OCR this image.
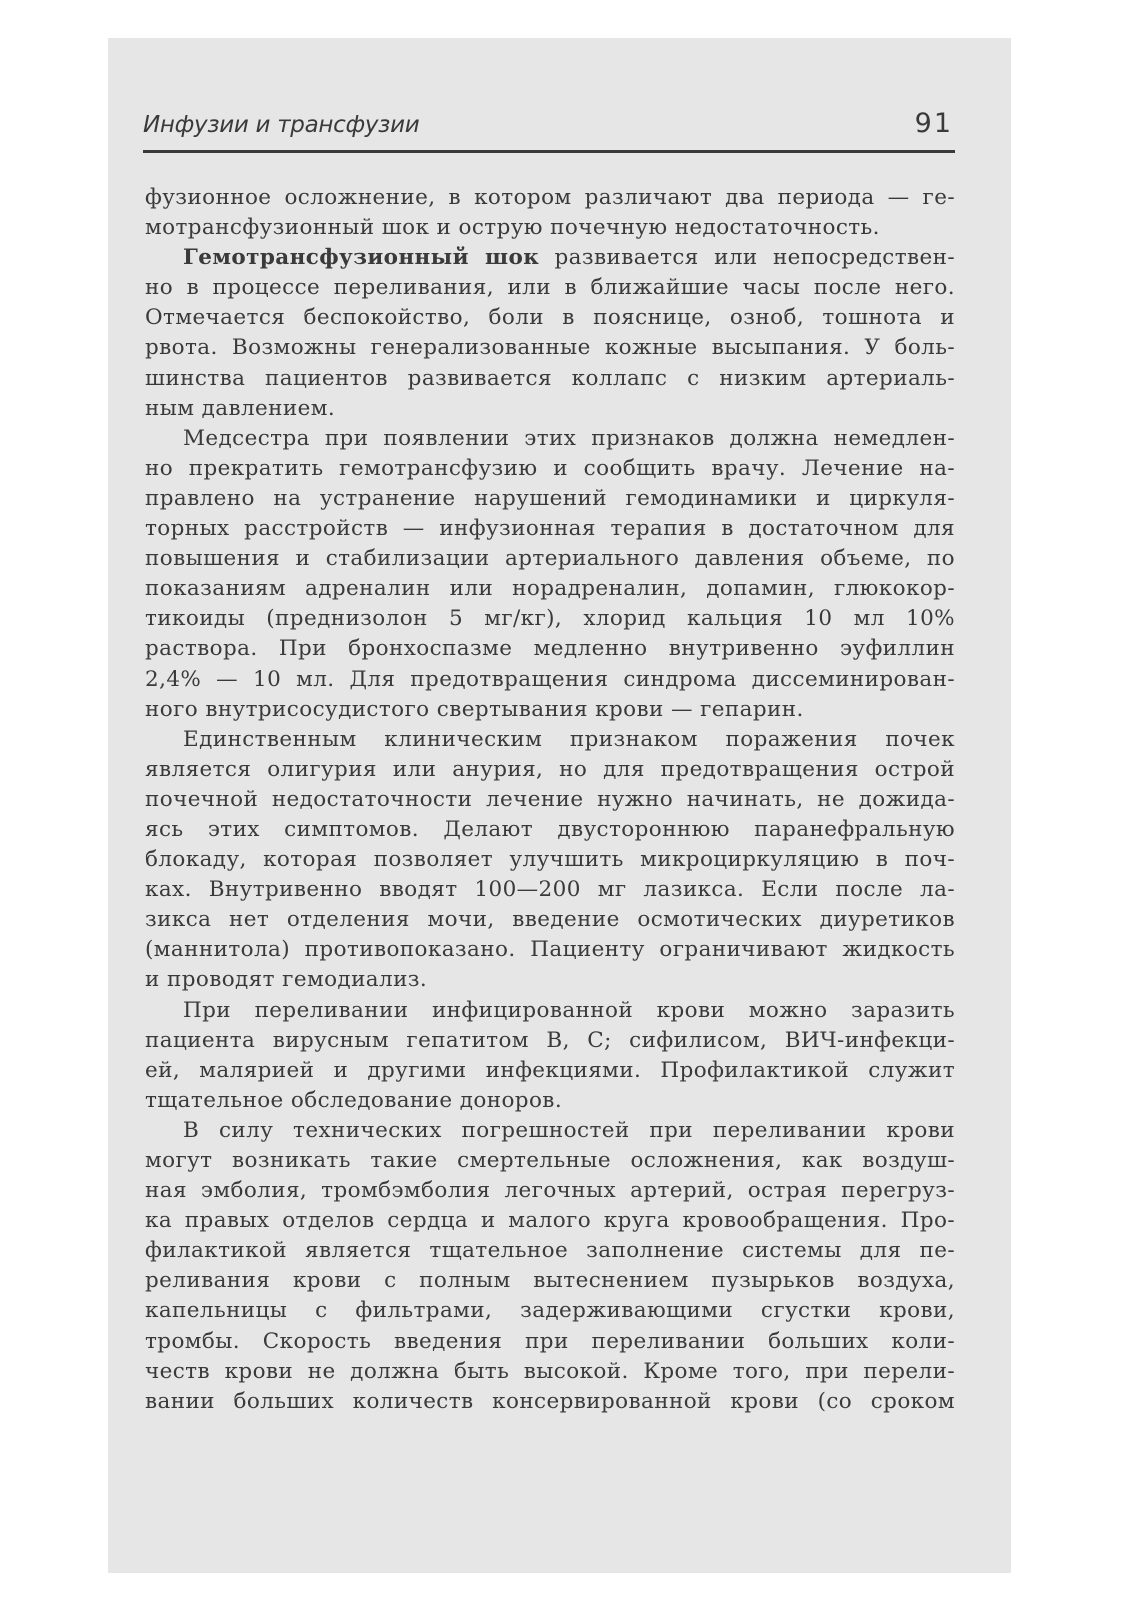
Инфузии и трансфузии	91
фузионное осложнение, в котором различают два периода — ге-
мотрансфузионный шок и острую почечную недостаточность.
Гемотрансфузионный шок развивается или непосредствен-
но в процессе переливания, или в ближайшие часы после него.
Отмечается беспокойство, боли в пояснице, озноб, тошнота и
рвота. Возможны генерализованные кожные высыпания. У боль-
шинства пациентов развивается коллапс с низким артериаль-
ным давлением.
Медсестра при появлении этих признаков должна немедлен-
но прекратить гемотрансфузию и сообщить врачу. Лечение на-
правлено на устранение нарушений гемодинамики и циркуля-
торных расстройств — инфузионная терапия в достаточном для
повышения и стабилизации артериального давления объеме, по
показаниям адреналин или норадреналин, допамин, глюкокор-
тикоиды (преднизолон 5 мг/кг), хлорид кальция 10 мл 10%
раствора. При бронхоспазме медленно внутривенно эуфиллин
2,4% — 10 мл. Для предотвращения синдрома диссеминирован-
ного внутрисосудистого свертывания крови — гепарин.
Единственным клиническим признаком поражения почек
является олигурия или анурия, но для предотвращения острой
почечной недостаточности лечение нужно начинать, не дожида-
ясь этих симптомов. Делают двустороннюю паранефральную
блокаду, которая позволяет улучшить микроциркуляцию в поч-
ках. Внутривенно вводят 100—200 мг лазикса. Если после ла-
зикса нет отделения мочи, введение осмотических диуретиков
(маннитола) противопоказано. Пациенту ограничивают жидкость
и проводят гемодиализ.
При переливании инфицированной крови можно заразить
пациента вирусным гепатитом В, С; сифилисом, ВИЧ-инфекци-
ей, малярией и другими инфекциями. Профилактикой служит
тщательное обследование доноров.
В силу технических погрешностей при переливании крови
могут возникать такие смертельные осложнения, как воздуш-
ная эмболия, тромбэмболия легочных артерий, острая перегруз-
ка правых отделов сердца и малого круга кровообращения. Про-
филактикой является тщательное заполнение системы для пе-
реливания крови с полным вытеснением пузырьков воздуха,
капельницы с фильтрами, задерживающими сгустки крови,
тромбы. Скорость введения при переливании больших коли-
честв крови не должна быть высокой. Кроме того, при перели-
вании больших количеств консервированной крови (со сроком
